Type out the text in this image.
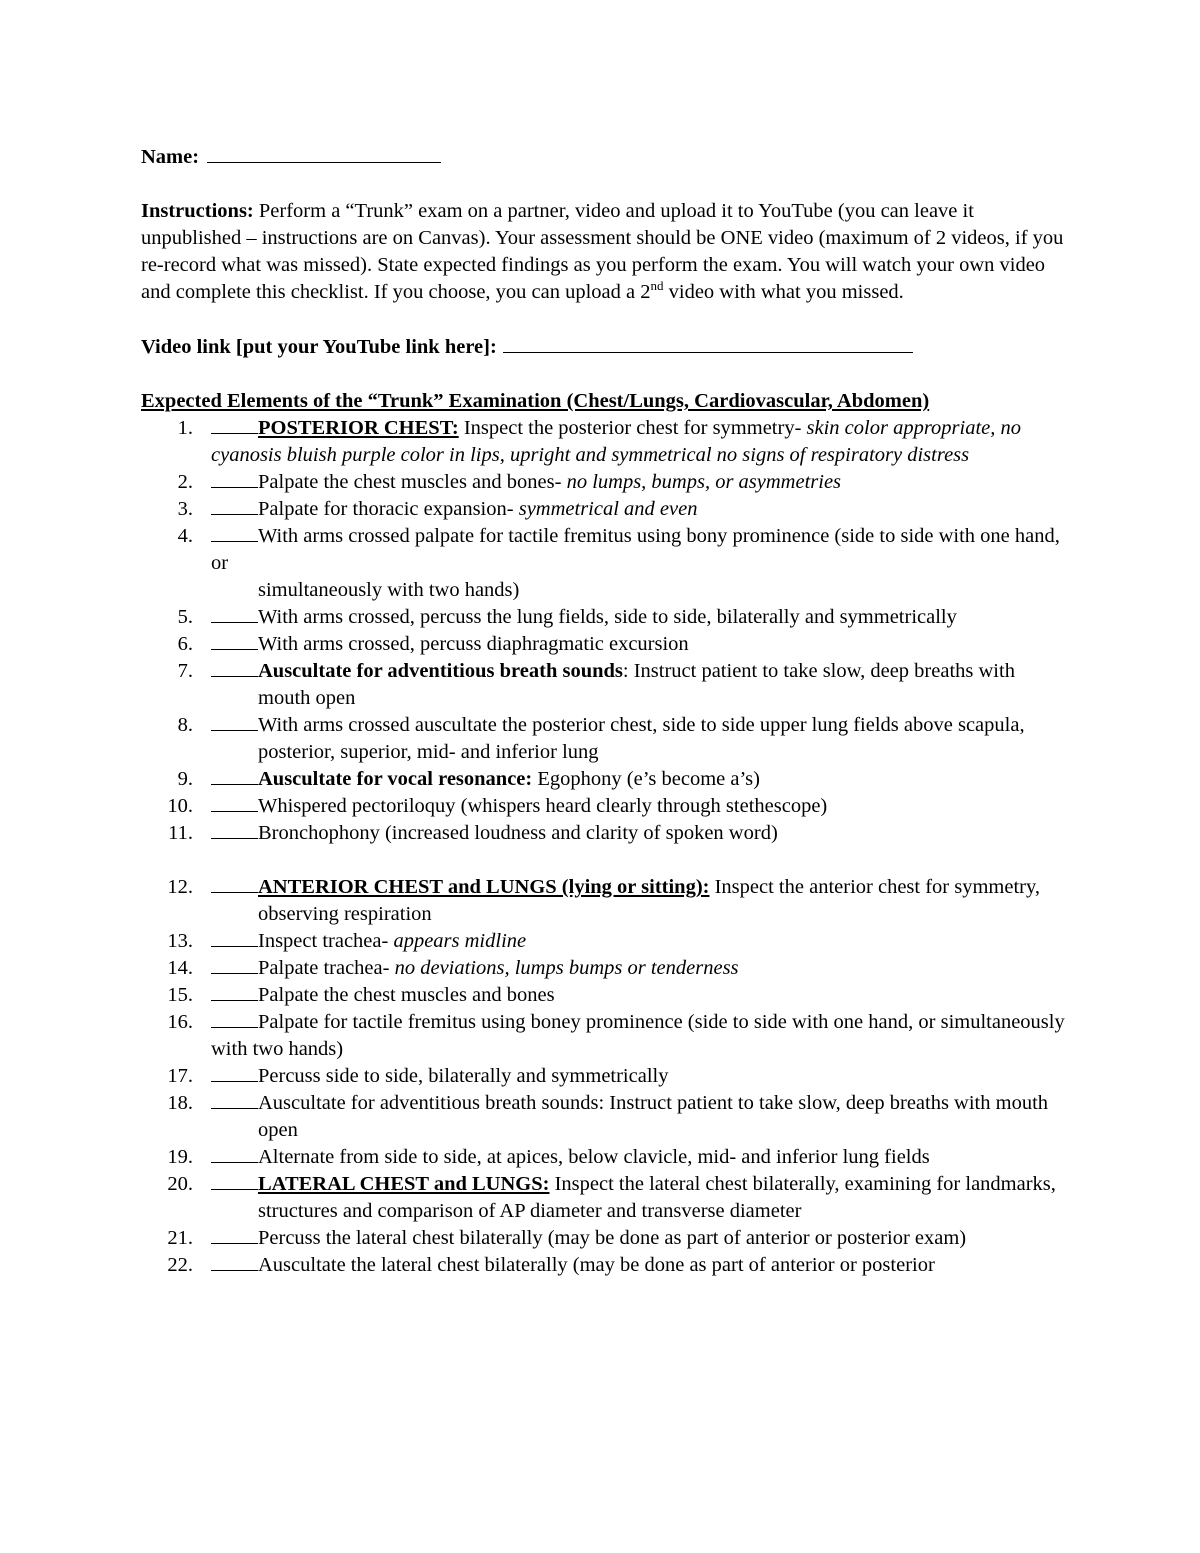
Name:

Instructions: Perform a “Trunk” exam on a partner, video and upload it to YouTube (you can leave it unpublished – instructions are on Canvas). Your assessment should be ONE video (maximum of 2 videos, if you re-record what was missed). State expected findings as you perform the exam. You will watch your own video and complete this checklist. If you choose, you can upload a 2nd video with what you missed.
Video link [put your YouTube link here]:
Expected Elements of the “Trunk” Examination (Chest/Lungs, Cardiovascular, Abdomen)
1.	POSTERIOR CHEST: Inspect the posterior chest for symmetry- skin color appropriate, no cyanosis bluish purple color in lips, upright and symmetrical no signs of respiratory distress
2.	Palpate the chest muscles and bones- no lumps, bumps, or asymmetries
3.	Palpate for thoracic expansion- symmetrical and even
4.	With arms crossed palpate for tactile fremitus using bony prominence (side to side with one hand, or
simultaneously with two hands)
5.	With arms crossed, percuss the lung fields, side to side, bilaterally and symmetrically
6.	With arms crossed, percuss diaphragmatic excursion
7.	Auscultate for adventitious breath sounds: Instruct patient to take slow, deep breaths with mouth open
8.	With arms crossed auscultate the posterior chest, side to side upper lung fields above scapula, posterior, superior, mid- and inferior lung
9.	Auscultate for vocal resonance: Egophony (e’s become a’s)
10.	Whispered pectoriloquy (whispers heard clearly through stethescope)
11.	Bronchophony (increased loudness and clarity of spoken word)
12.	ANTERIOR CHEST and LUNGS (lying or sitting): Inspect the anterior chest for symmetry, observing respiration
13.	Inspect trachea- appears midline
14.	Palpate trachea- no deviations, lumps bumps or tenderness
15.	Palpate the chest muscles and bones
16.	Palpate for tactile fremitus using boney prominence (side to side with one hand, or simultaneously with two hands)
17.	Percuss side to side, bilaterally and symmetrically
18.	Auscultate for adventitious breath sounds: Instruct patient to take slow, deep breaths with mouth open
19.	Alternate from side to side, at apices, below clavicle, mid- and inferior lung fields
20.	LATERAL CHEST and LUNGS: Inspect the lateral chest bilaterally, examining for landmarks, structures and comparison of AP diameter and transverse diameter
21.	Percuss the lateral chest bilaterally (may be done as part of anterior or posterior exam)
22.	Auscultate the lateral chest bilaterally (may be done as part of anterior or posterior
